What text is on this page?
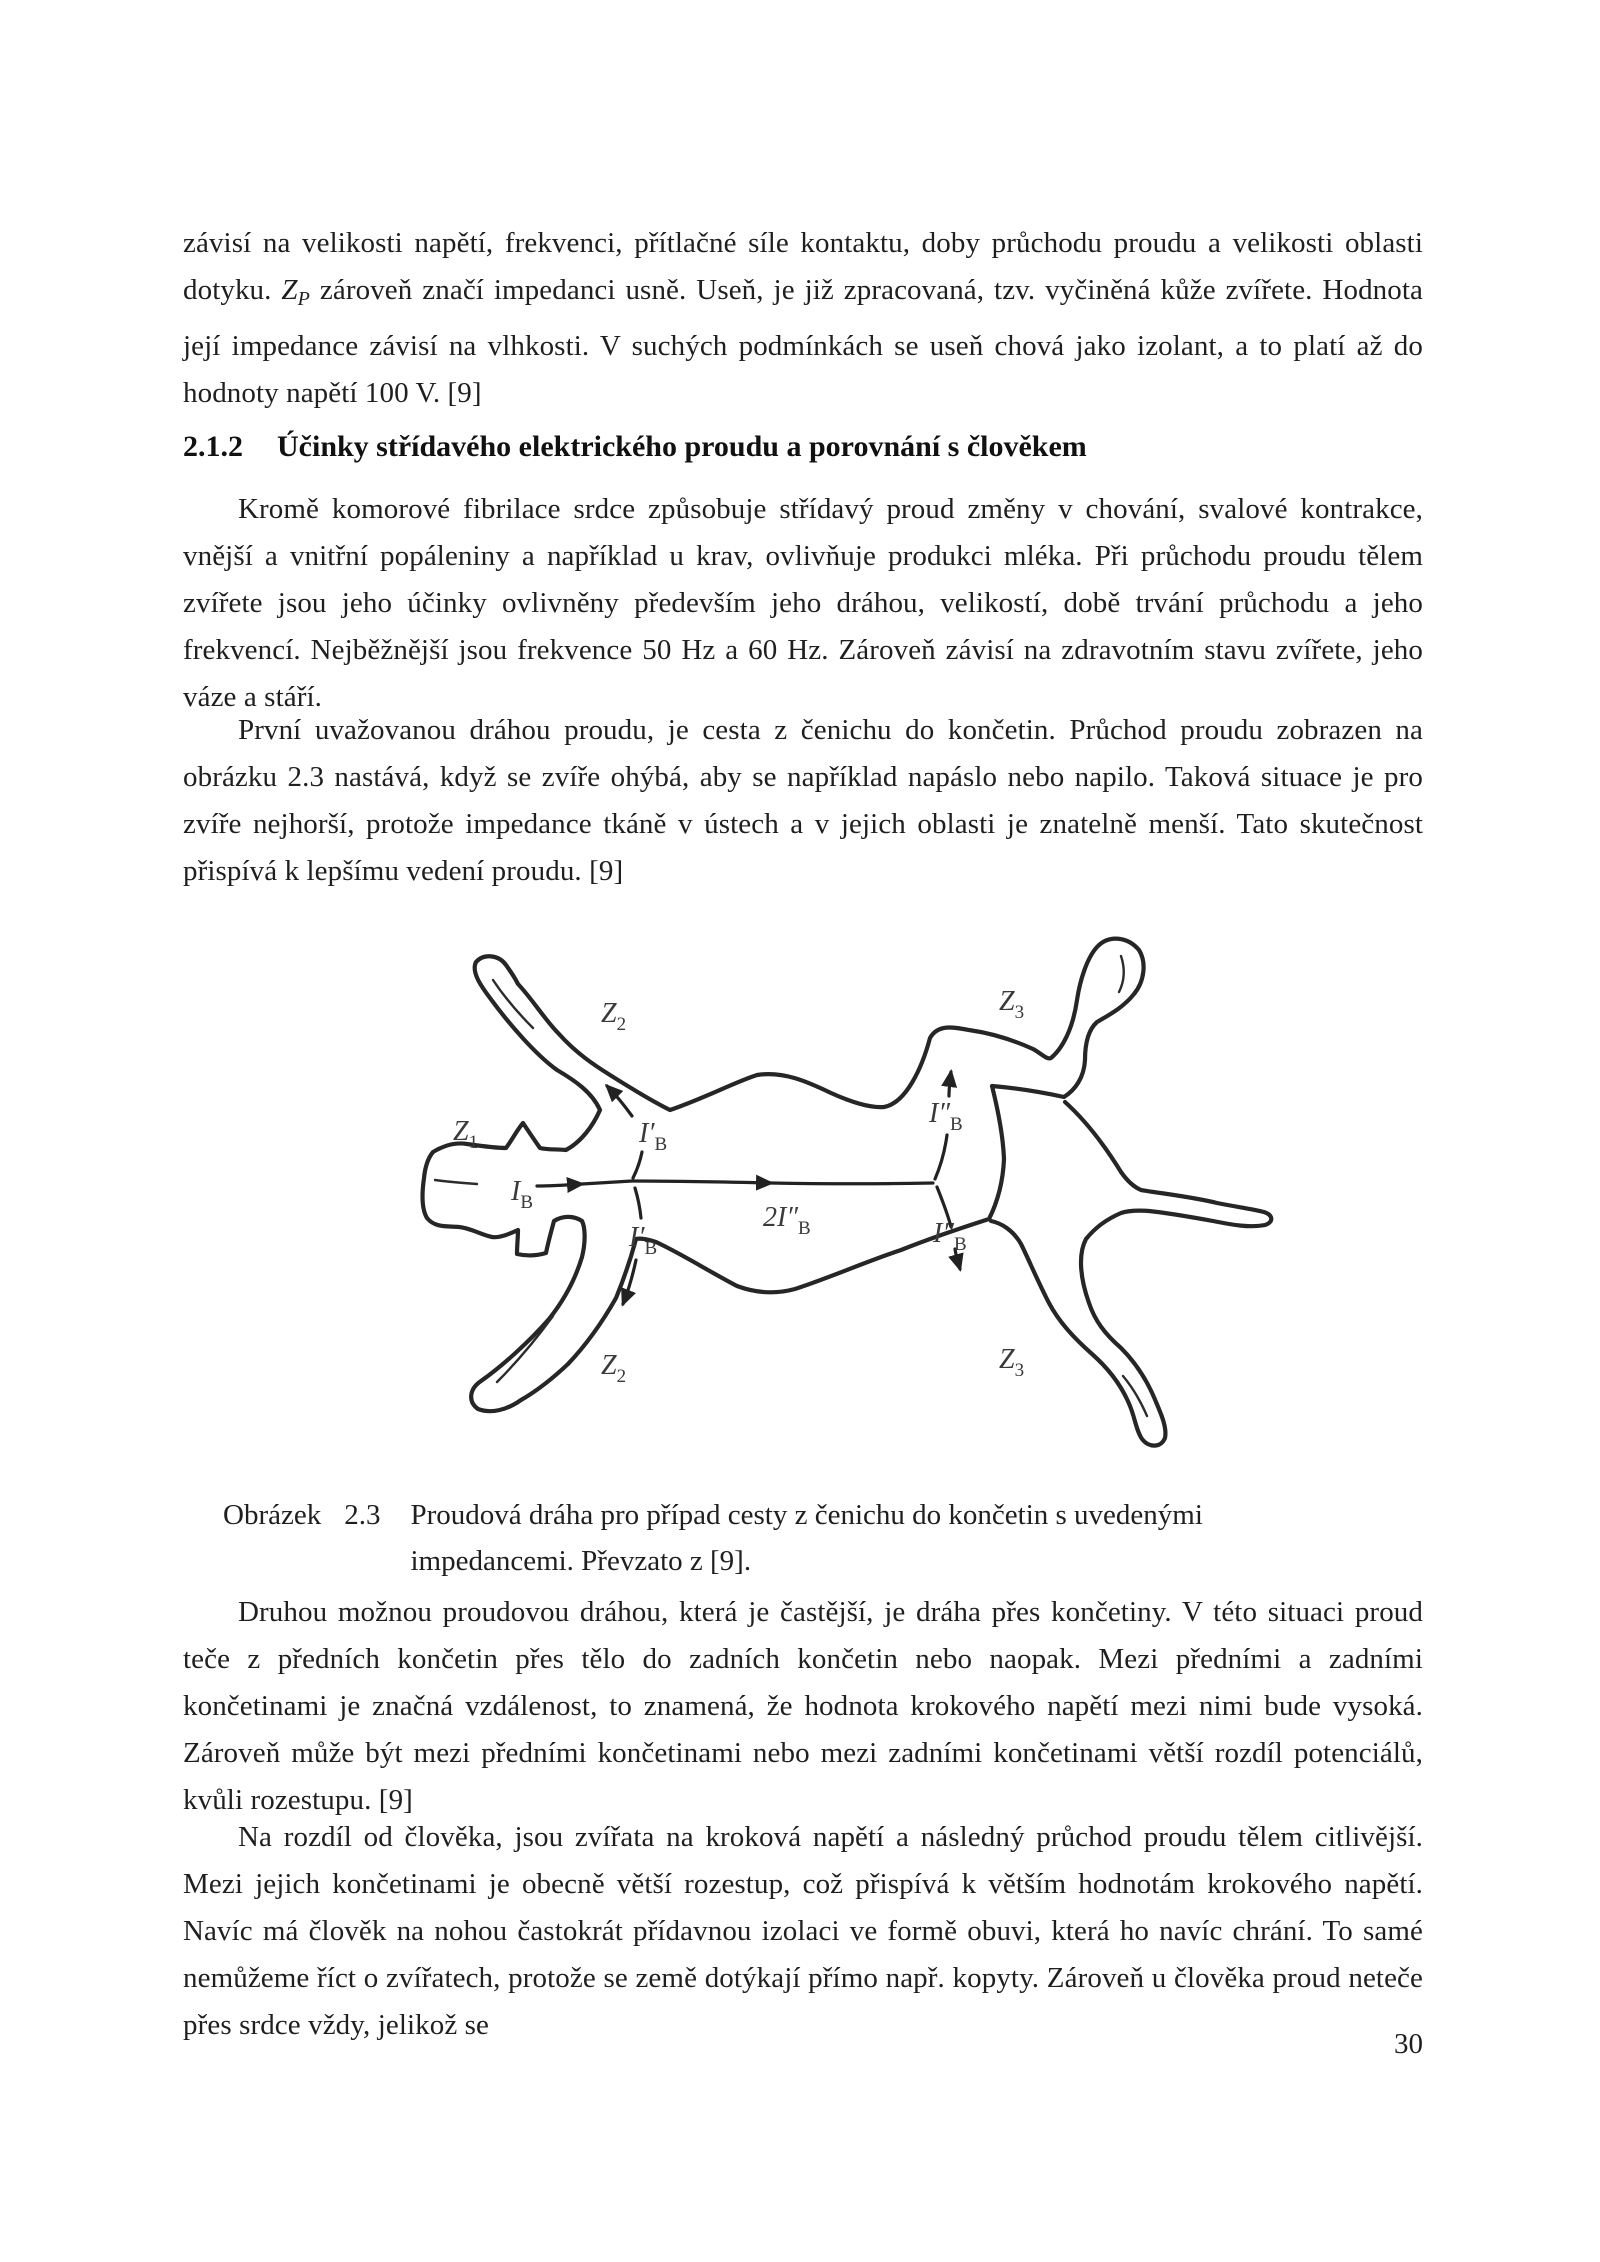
závisí na velikosti napětí, frekvenci, přítlačné síle kontaktu, doby průchodu proudu a velikosti oblasti dotyku. $Z_P$ zároveň značí impedanci usně. Useň, je již zpracovaná, tzv. vyčiněná kůže zvířete. Hodnota její impedance závisí na vlhkosti. V suchých podmínkách se useň chová jako izolant, a to platí až do hodnoty napětí 100 V. [9]

2.1.2 Účinky střídavého elektrického proudu a porovnání s člověkem

Kromě komorové fibrilace srdce způsobuje střídavý proud změny v chování, svalové kontrakce, vnější a vnitřní popáleniny a například u krav, ovlivňuje produkci mléka. Při průchodu proudu tělem zvířete jsou jeho účinky ovlivněny především jeho dráhou, velikostí, době trvání průchodu a jeho frekvencí. Nejběžnější jsou frekvence 50 Hz a 60 Hz. Zároveň závisí na zdravotním stavu zvířete, jeho váze a stáří.

První uvažovanou dráhou proudu, je cesta z čenichu do končetin. Průchod proudu zobrazen na obrázku 2.3 nastává, když se zvíře ohýbá, aby se například napáslo nebo napilo. Taková situace je pro zvíře nejhorší, protože impedance tkáně v ústech a v jejich oblasti je znatelně menší. Tato skutečnost přispívá k lepšímu vedení proudu. [9]

$Z_1$
$Z_2$
$Z_2$
$Z_3$
$Z_3$
$I_B$
$I'_B$
$I'_B$
$I''_B$
$I''_B$
$2I''_B$
Obrázek 2.3 Proudová dráha pro případ cesty z čenichu do končetin s uvedenými impedancemi. Převzato z [9].

Druhou možnou proudovou dráhou, která je častější, je dráha přes končetiny. V této situaci proud teče z předních končetin přes tělo do zadních končetin nebo naopak. Mezi předními a zadními končetinami je značná vzdálenost, to znamená, že hodnota krokového napětí mezi nimi bude vysoká. Zároveň může být mezi předními končetinami nebo mezi zadními končetinami větší rozdíl potenciálů, kvůli rozestupu. [9]

Na rozdíl od člověka, jsou zvířata na kroková napětí a následný průchod proudu tělem citlivější. Mezi jejich končetinami je obecně větší rozestup, což přispívá k větším hodnotám krokového napětí. Navíc má člověk na nohou častokrát přídavnou izolaci ve formě obuvi, která ho navíc chrání. To samé nemůžeme říct o zvířatech, protože se země dotýkají přímo např. kopyty. Zároveň u člověka proud neteče přes srdce vždy, jelikož se

30
